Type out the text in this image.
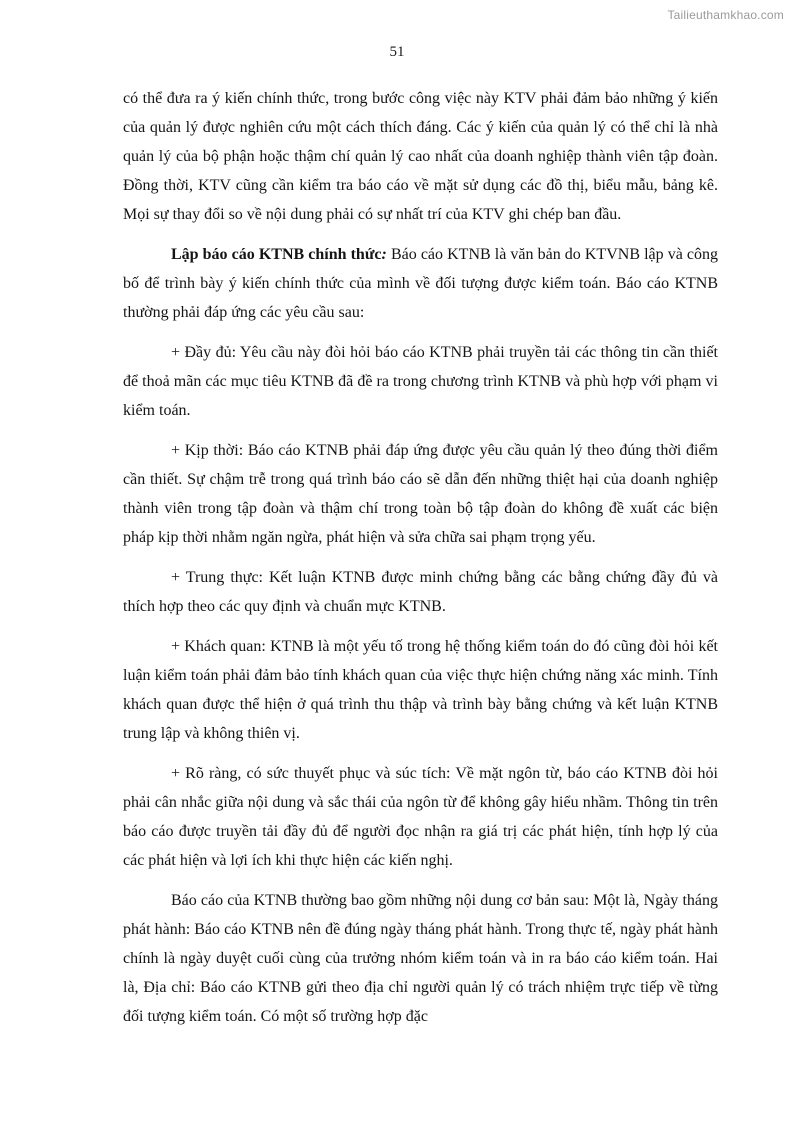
Tailieuthamkhao.com
51

có thể đưa ra ý kiến chính thức, trong bước công việc này KTV phải đảm bảo những ý kiến của quản lý được nghiên cứu một cách thích đáng. Các ý kiến của quản lý có thể chỉ là nhà quản lý của bộ phận hoặc thậm chí quản lý cao nhất của doanh nghiệp thành viên tập đoàn. Đồng thời, KTV cũng cần kiểm tra báo cáo về mặt sử dụng các đồ thị, biểu mẫu, bảng kê. Mọi sự thay đổi so về nội dung phải có sự nhất trí của KTV ghi chép ban đầu.

Lập báo cáo KTNB chính thức: Báo cáo KTNB là văn bản do KTVNB lập và công bố để trình bày ý kiến chính thức của mình về đối tượng được kiểm toán. Báo cáo KTNB thường phải đáp ứng các yêu cầu sau:

+ Đầy đủ: Yêu cầu này đòi hỏi báo cáo KTNB phải truyền tải các thông tin cần thiết để thoả mãn các mục tiêu KTNB đã đề ra trong chương trình KTNB và phù hợp với phạm vi kiểm toán.

+ Kịp thời: Báo cáo KTNB phải đáp ứng được yêu cầu quản lý theo đúng thời điểm cần thiết. Sự chậm trễ trong quá trình báo cáo sẽ dẫn đến những thiệt hại của doanh nghiệp thành viên trong tập đoàn và thậm chí trong toàn bộ tập đoàn do không đề xuất các biện pháp kịp thời nhằm ngăn ngừa, phát hiện và sửa chữa sai phạm trọng yếu.

+ Trung thực: Kết luận KTNB được minh chứng bằng các bằng chứng đầy đủ và thích hợp theo các quy định và chuẩn mực KTNB.

+ Khách quan: KTNB là một yếu tố trong hệ thống kiểm toán do đó cũng đòi hỏi kết luận kiểm toán phải đảm bảo tính khách quan của việc thực hiện chứng năng xác minh. Tính khách quan được thể hiện ở quá trình thu thập và trình bày bằng chứng và kết luận KTNB trung lập và không thiên vị.

+ Rõ ràng, có sức thuyết phục và súc tích: Về mặt ngôn từ, báo cáo KTNB đòi hỏi phải cân nhắc giữa nội dung và sắc thái của ngôn từ để không gây hiểu nhầm. Thông tin trên báo cáo được truyền tải đầy đủ để người đọc nhận ra giá trị các phát hiện, tính hợp lý của các phát hiện và lợi ích khi thực hiện các kiến nghị.

Báo cáo của KTNB thường bao gồm những nội dung cơ bản sau: Một là, Ngày tháng phát hành: Báo cáo KTNB nên đề đúng ngày tháng phát hành. Trong thực tế, ngày phát hành chính là ngày duyệt cuối cùng của trưởng nhóm kiểm toán và in ra báo cáo kiểm toán. Hai là, Địa chỉ: Báo cáo KTNB gửi theo địa chỉ người quản lý có trách nhiệm trực tiếp về từng đối tượng kiểm toán. Có một số trường hợp đặc
